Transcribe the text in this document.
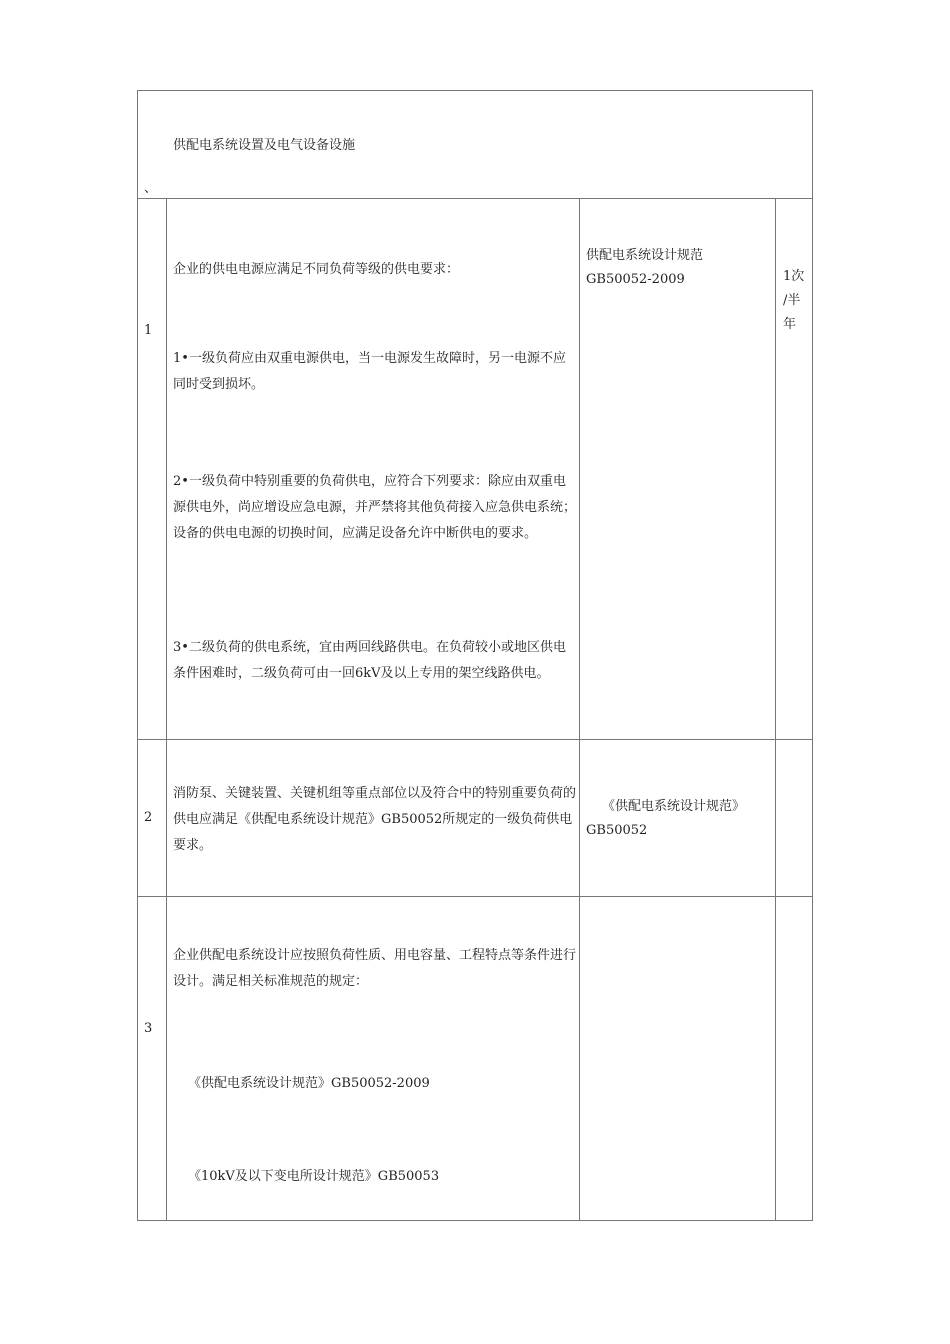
供配电系统设置及电气设备设施
、
1
企业的供电电源应满足不同负荷等级的供电要求：
1•一级负荷应由双重电源供电，当一电源发生故障时，另一电源不应同时受到损坏。
2•一级负荷中特别重要的负荷供电，应符合下列要求：除应由双重电源供电外，尚应增设应急电源，并严禁将其他负荷接入应急供电系统；设备的供电电源的切换时间，应满足设备允许中断供电的要求。
3•二级负荷的供电系统，宜由两回线路供电。在负荷较小或地区供电条件困难时，二级负荷可由一回6kV及以上专用的架空线路供电。
供配电系统设计规范
GB50052-2009	1次
/半
年
2
消防泵、关键装置、关键机组等重点部位以及符合中的特别重要负荷的供电应满足《供配电系统设计规范》GB50052所规定的一级负荷供电要求。
《供配电系统设计规范》
GB50052
3
企业供配电系统设计应按照负荷性质、用电容量、工程特点等条件进行设计。满足相关标准规范的规定：
《供配电系统设计规范》GB50052-2009
《10kV及以下变电所设计规范》GB50053
